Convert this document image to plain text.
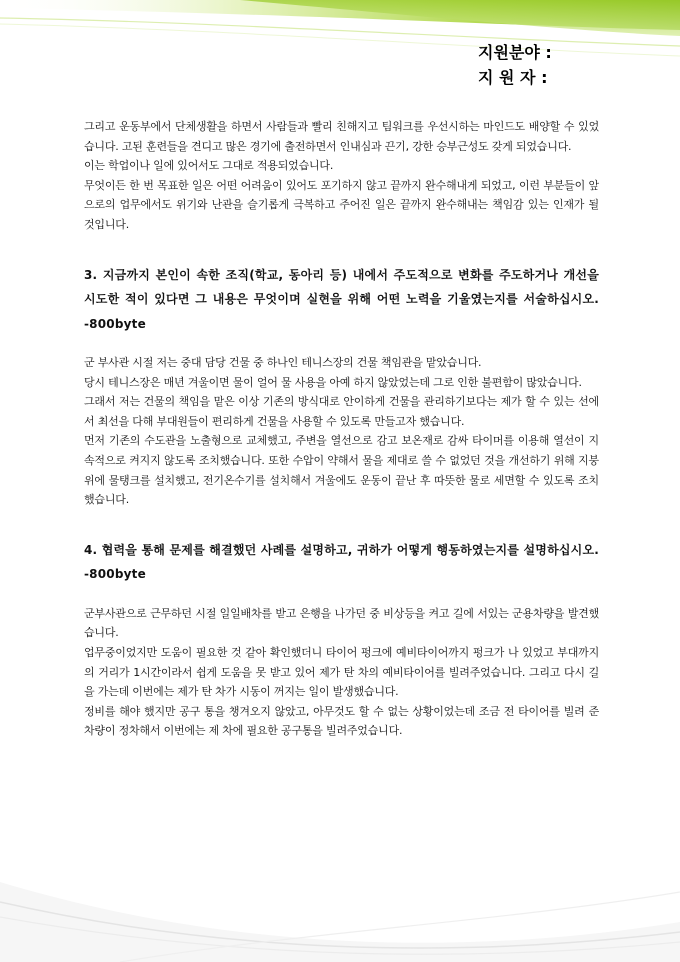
지원분야 :
지 원 자 :

그리고 운동부에서 단체생활을 하면서 사람들과 빨리 친해지고 팀워크를 우선시하는 마인드도 배양할 수 있었습니다. 고된 훈련들을 견디고 많은 경기에 출전하면서 인내심과 끈기, 강한 승부근성도 갖게 되었습니다.

이는 학업이나 일에 있어서도 그대로 적용되었습니다.

무엇이든 한 번 목표한 일은 어떤 어려움이 있어도 포기하지 않고 끝까지 완수해내게 되었고, 이런 부분들이 앞으로의 업무에서도 위기와 난관을 슬기롭게 극복하고 주어진 일은 끝까지 완수해내는 책임감 있는 인재가 될 것입니다.

3. 지금까지 본인이 속한 조직(학교, 동아리 등) 내에서 주도적으로 변화를 주도하거나 개선을 시도한 적이 있다면 그 내용은 무엇이며 실현을 위해 어떤 노력을 기울였는지를 서술하십시오. -800byte

군 부사관 시절 저는 중대 담당 건물 중 하나인 테니스장의 건물 책임관을 맡았습니다.

당시 테니스장은 매년 겨울이면 물이 얼어 물 사용을 아예 하지 않았었는데 그로 인한 불편함이 많았습니다.

그래서 저는 건물의 책임을 맡은 이상 기존의 방식대로 안이하게 건물을 관리하기보다는 제가 할 수 있는 선에서 최선을 다해 부대원들이 편리하게 건물을 사용할 수 있도록 만들고자 했습니다.

먼저 기존의 수도관을 노출형으로 교체했고, 주변을 열선으로 감고 보온재로 감싸 타이머를 이용해 열선이 지속적으로 켜지지 않도록 조치했습니다. 또한 수압이 약해서 물을 제대로 쓸 수 없었던 것을 개선하기 위해 지붕 위에 물탱크를 설치했고, 전기온수기를 설치해서 겨울에도 운동이 끝난 후 따뜻한 물로 세면할 수 있도록 조치했습니다.

4. 협력을 통해 문제를 해결했던 사례를 설명하고, 귀하가 어떻게 행동하였는지를 설명하십시오. -800byte

군부사관으로 근무하던 시절 일일배차를 받고 은행을 나가던 중 비상등을 켜고 길에 서있는 군용차량을 발견했습니다.

업무중이었지만 도움이 필요한 것 같아 확인했더니 타이어 펑크에 예비타이어까지 펑크가 나 있었고 부대까지의 거리가 1시간이라서 쉽게 도움을 못 받고 있어 제가 탄 차의 예비타이어를 빌려주었습니다. 그리고 다시 길을 가는데 이번에는 제가 탄 차가 시동이 꺼지는 일이 발생했습니다.

정비를 해야 했지만 공구 통을 챙겨오지 않았고, 아무것도 할 수 없는 상황이었는데 조금 전 타이어를 빌려 준 차량이 정차해서 이번에는 제 차에 필요한 공구통을 빌려주었습니다.
